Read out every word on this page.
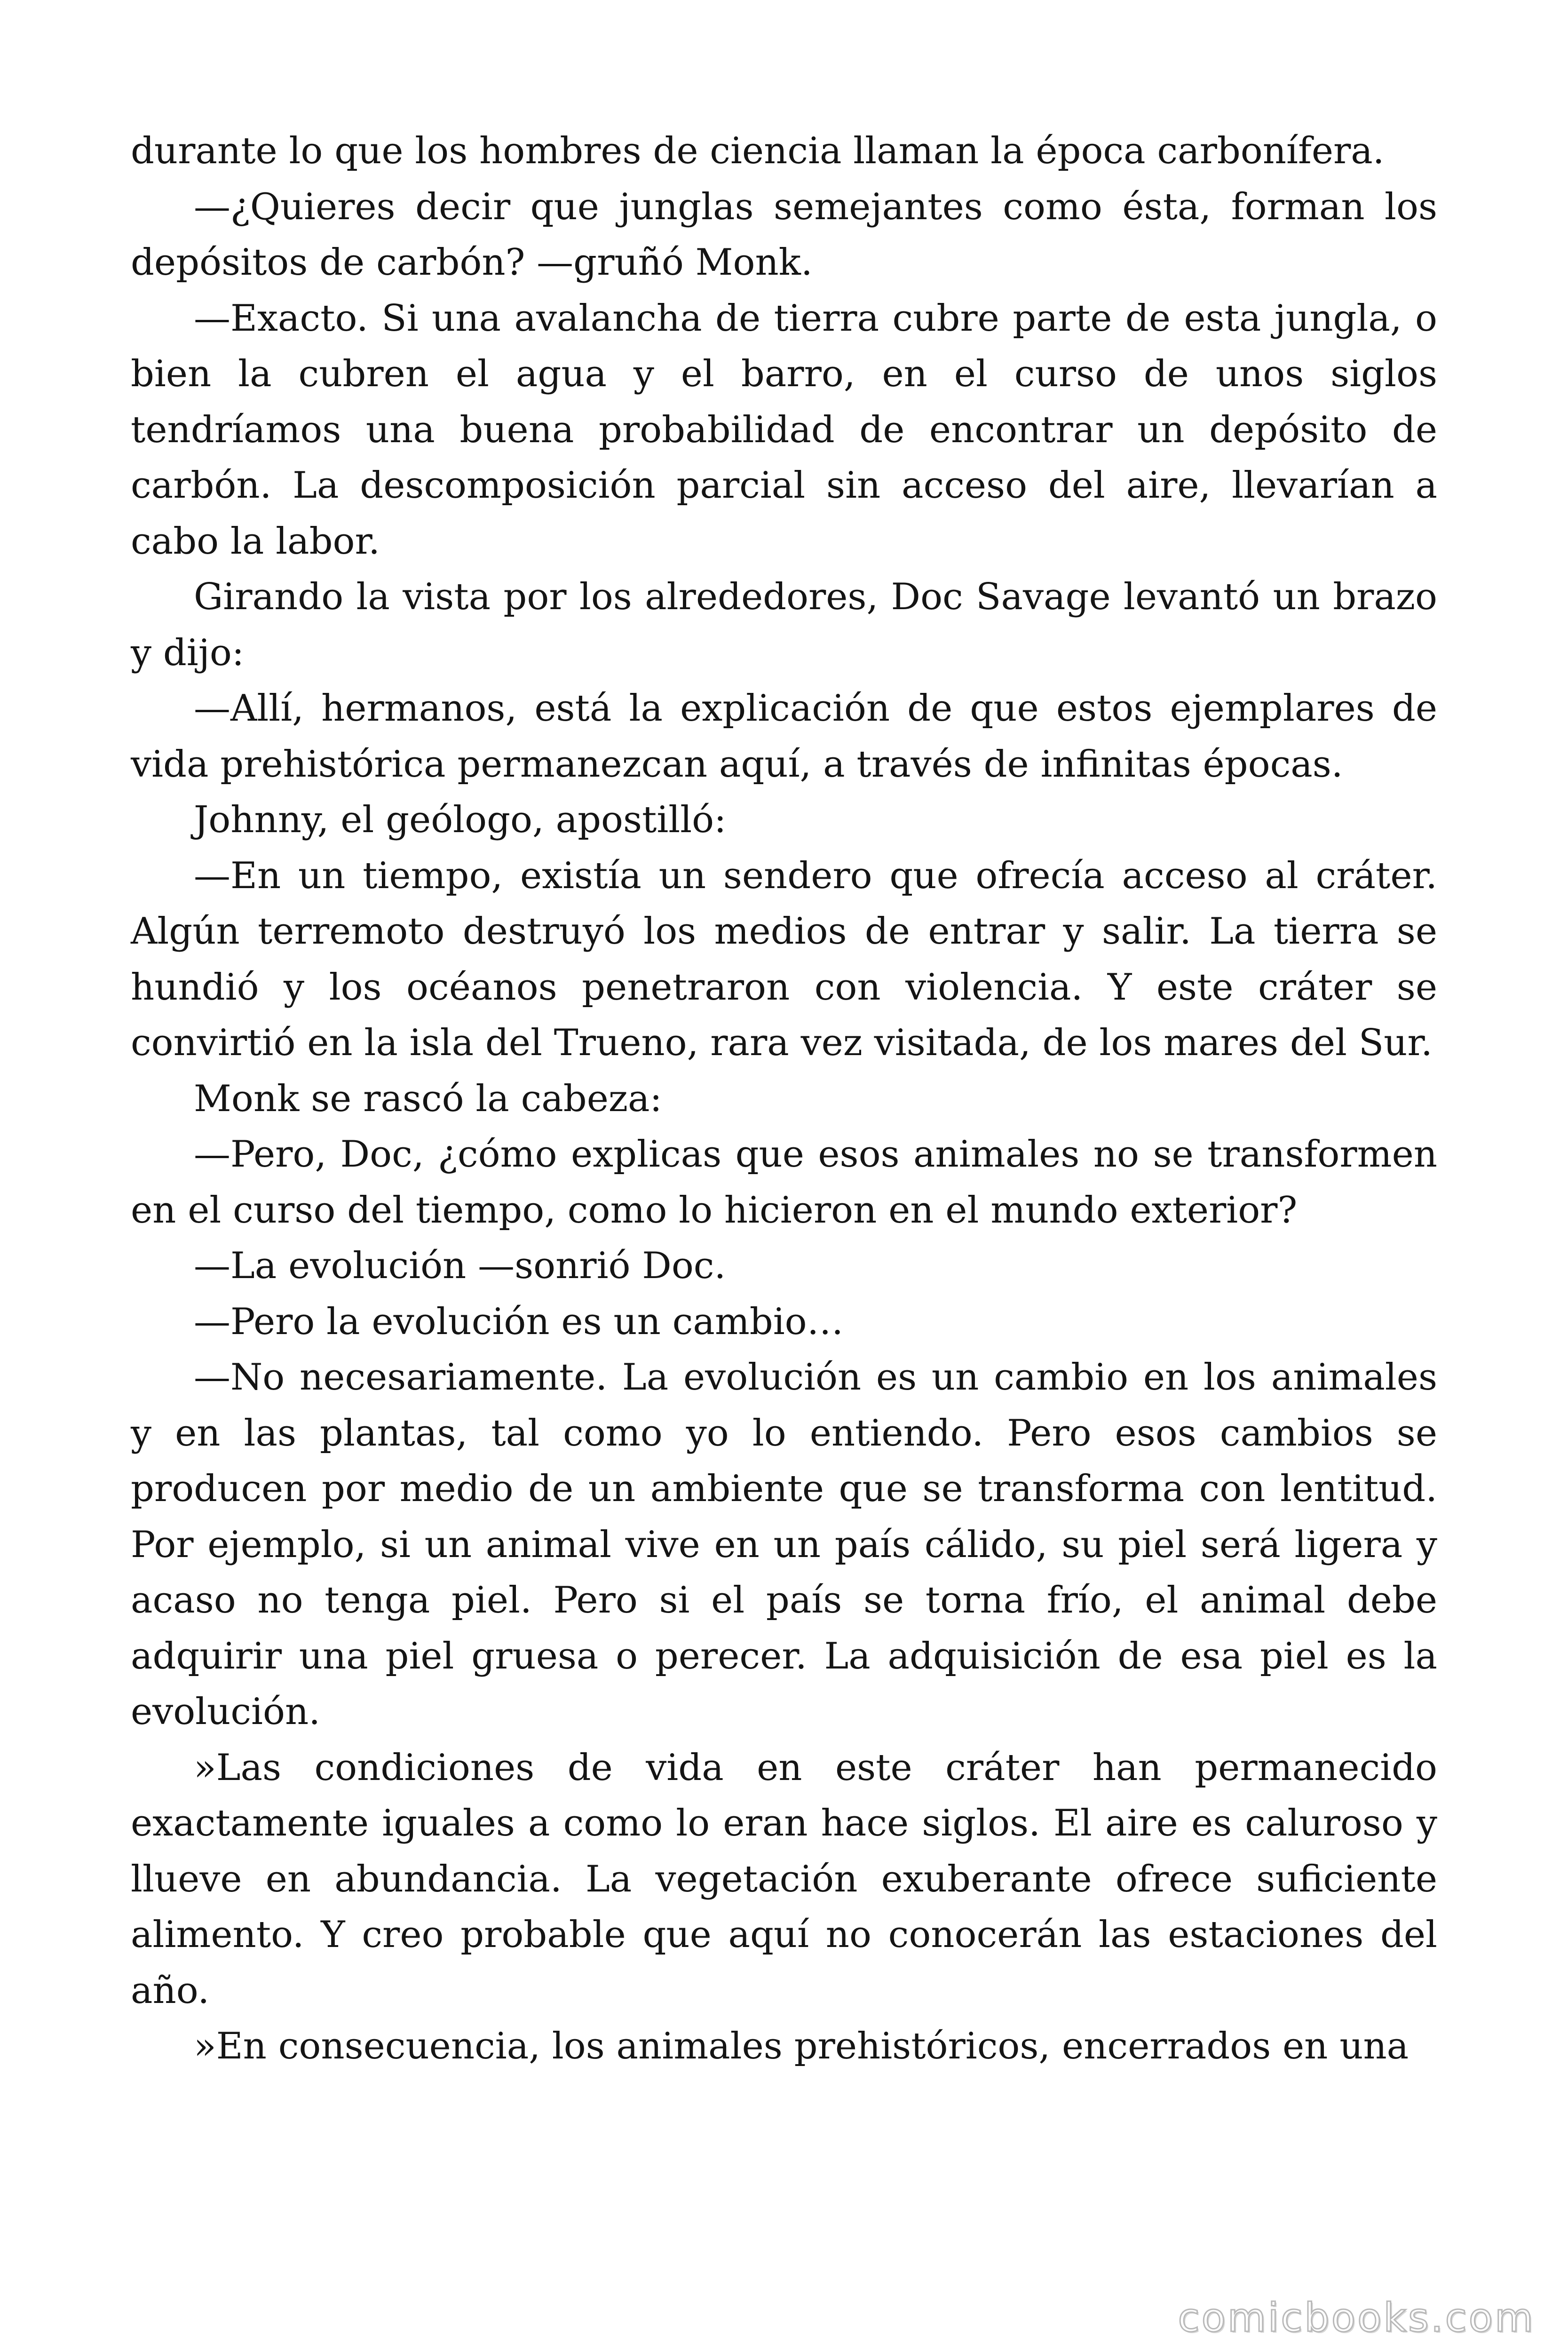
durante lo que los hombres de ciencia llaman la época carbonífera.

—¿Quieres decir que junglas semejantes como ésta, forman los depósitos de carbón? —gruñó Monk.

—Exacto. Si una avalancha de tierra cubre parte de esta jungla, o bien la cubren el agua y el barro, en el curso de unos siglos tendríamos una buena probabilidad de encontrar un depósito de carbón. La descomposición parcial sin acceso del aire, llevarían a cabo la labor.

Girando la vista por los alrededores, Doc Savage levantó un brazo y dijo:

—Allí, hermanos, está la explicación de que estos ejemplares de vida prehistórica permanezcan aquí, a través de infinitas épocas.

Johnny, el geólogo, apostilló:

—En un tiempo, existía un sendero que ofrecía acceso al cráter. Algún terremoto destruyó los medios de entrar y salir. La tierra se hundió y los océanos penetraron con violencia. Y este cráter se convirtió en la isla del Trueno, rara vez visitada, de los mares del Sur.

Monk se rascó la cabeza:

—Pero, Doc, ¿cómo explicas que esos animales no se transformen en el curso del tiempo, como lo hicieron en el mundo exterior?

—La evolución —sonrió Doc.

—Pero la evolución es un cambio…

—No necesariamente. La evolución es un cambio en los animales y en las plantas, tal como yo lo entiendo. Pero esos cambios se producen por medio de un ambiente que se transforma con lentitud. Por ejemplo, si un animal vive en un país cálido, su piel será ligera y acaso no tenga piel. Pero si el país se torna frío, el animal debe adquirir una piel gruesa o perecer. La adquisición de esa piel es la evolución.

»Las condiciones de vida en este cráter han permanecido exactamente iguales a como lo eran hace siglos. El aire es caluroso y llueve en abundancia. La vegetación exuberante ofrece suficiente alimento. Y creo probable que aquí no conocerán las estaciones del año.

»En consecuencia, los animales prehistóricos, encerrados en una

comicbooks.com
